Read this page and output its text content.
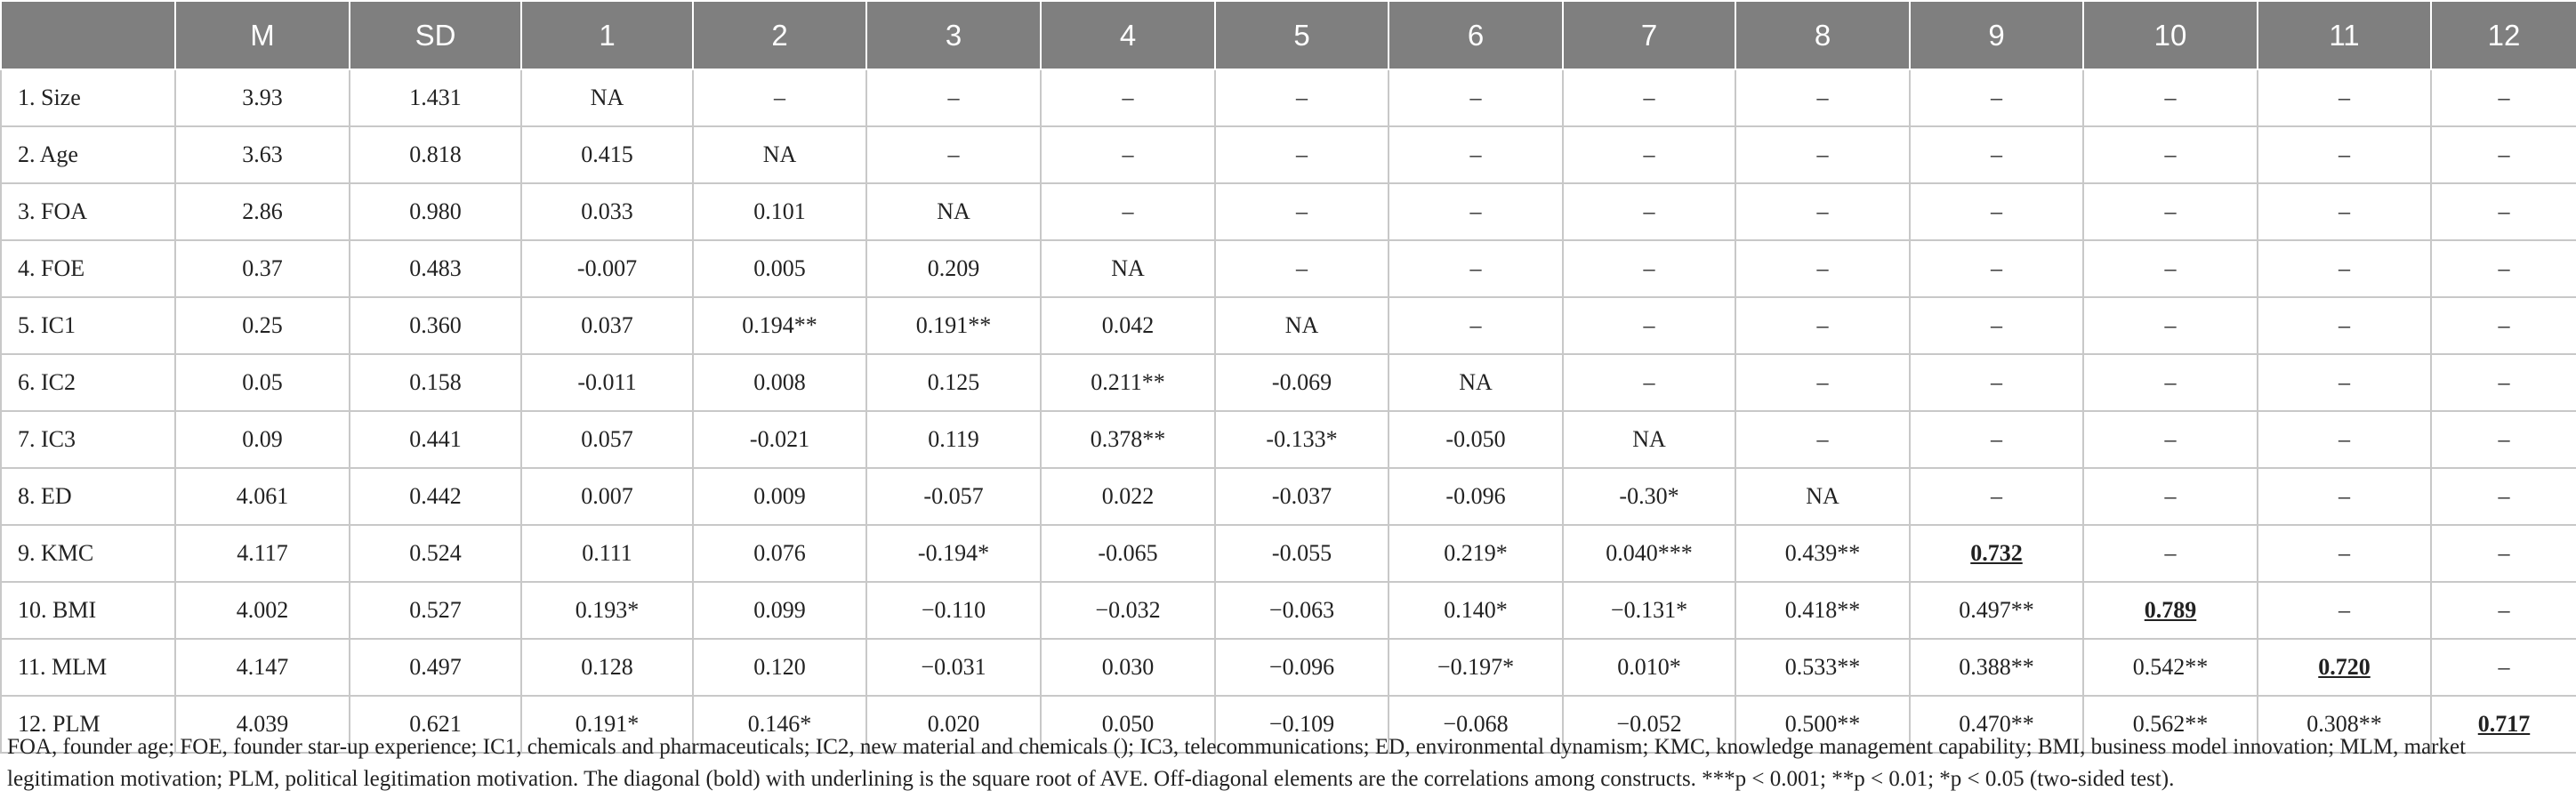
	M	SD	1	2	3	4	5	6	7	8	9	10	11	12
1. Size	3.93	1.431	NA	–	–	–	–	–	–	–	–	–	–	–
2. Age	3.63	0.818	0.415	NA	–	–	–	–	–	–	–	–	–	–
3. FOA	2.86	0.980	0.033	0.101	NA	–	–	–	–	–	–	–	–	–
4. FOE	0.37	0.483	-0.007	0.005	0.209	NA	–	–	–	–	–	–	–	–
5. IC1	0.25	0.360	0.037	0.194**	0.191**	0.042	NA	–	–	–	–	–	–	–
6. IC2	0.05	0.158	-0.011	0.008	0.125	0.211**	-0.069	NA	–	–	–	–	–	–
7. IC3	0.09	0.441	0.057	-0.021	0.119	0.378**	-0.133*	-0.050	NA	–	–	–	–	–
8. ED	4.061	0.442	0.007	0.009	-0.057	0.022	-0.037	-0.096	-0.30*	NA	–	–	–	–
9. KMC	4.117	0.524	0.111	0.076	-0.194*	-0.065	-0.055	0.219*	0.040***	0.439**	0.732	–	–	–
10. BMI	4.002	0.527	0.193*	0.099	−0.110	−0.032	−0.063	0.140*	−0.131*	0.418**	0.497**	0.789	–	–
11. MLM	4.147	0.497	0.128	0.120	−0.031	0.030	−0.096	−0.197*	0.010*	0.533**	0.388**	0.542**	0.720	–
12. PLM	4.039	0.621	0.191*	0.146*	0.020	0.050	−0.109	−0.068	−0.052	0.500**	0.470**	0.562**	0.308**	0.717

FOA, founder age; FOE, founder star-up experience; IC1, chemicals and pharmaceuticals; IC2, new material and chemicals (); IC3, telecommunications; ED, environmental dynamism; KMC, knowledge management capability; BMI, business model innovation; MLM, market legitimation motivation; PLM, political legitimation motivation. The diagonal (bold) with underlining is the square root of AVE. Off-diagonal elements are the correlations among constructs. ***p < 0.001; **p < 0.01; *p < 0.05 (two-sided test).
